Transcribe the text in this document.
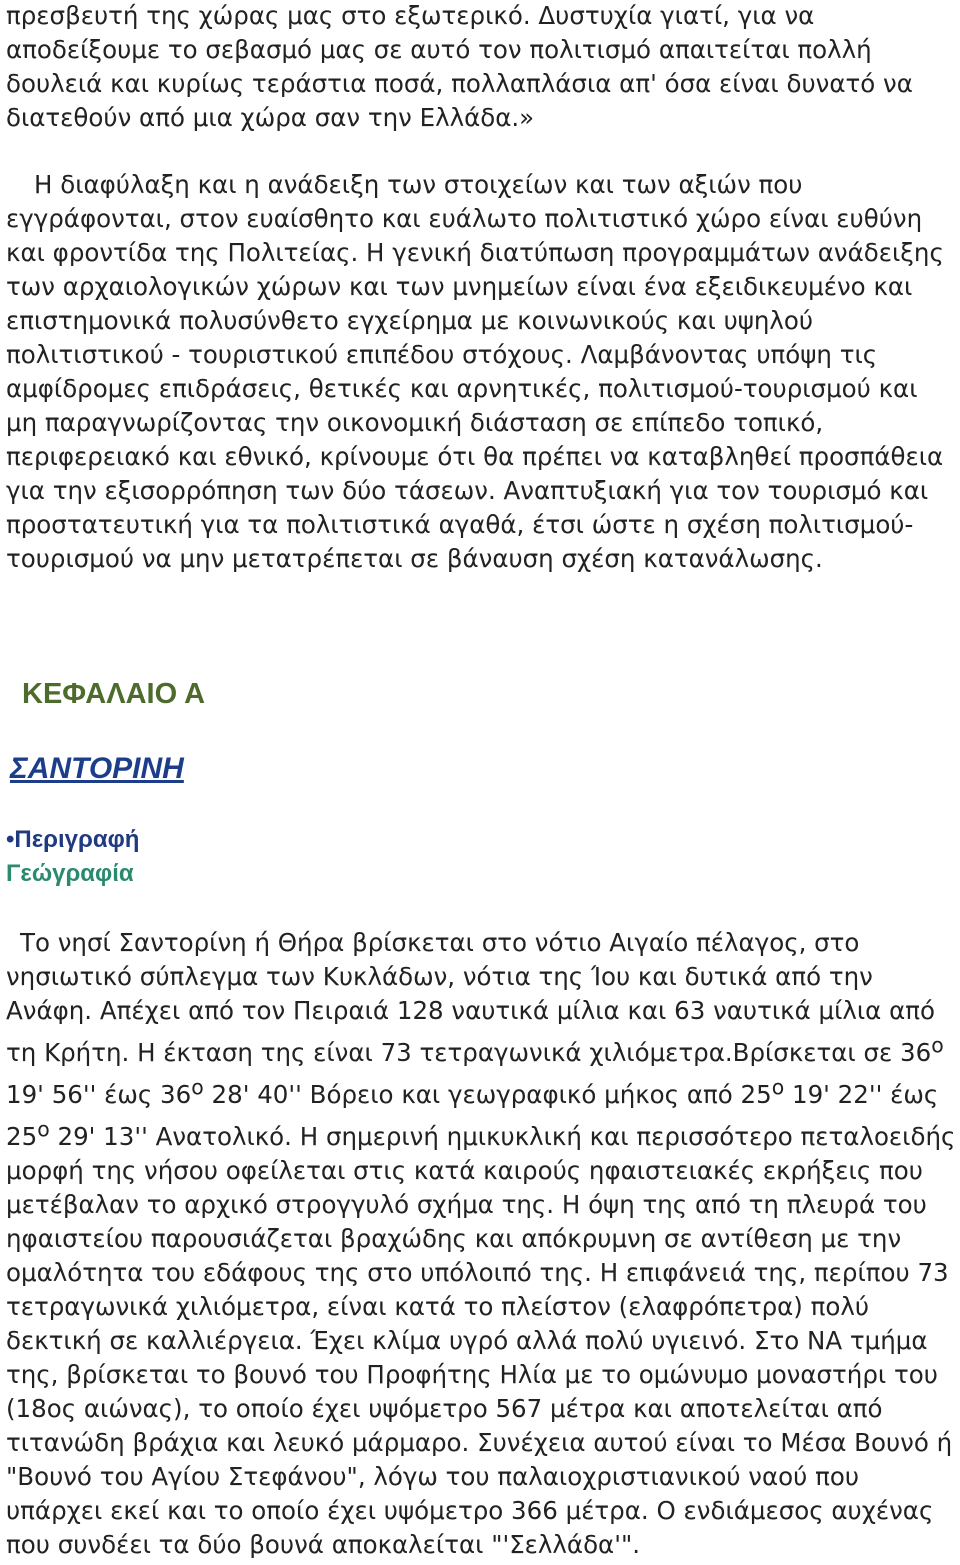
πρεσβευτή της χώρας μας στο εξωτερικό. Δυστυχία γιατί, για να αποδείξουμε το σεβασμό μας σε αυτό τον πολιτισμό απαιτείται πολλή δουλειά και κυρίως τεράστια ποσά, πολλαπλάσια απ' όσα είναι δυνατό να διατεθούν από μια χώρα σαν την Ελλάδα.»

Η διαφύλαξη και η ανάδειξη των στοιχείων και των αξιών που εγγράφονται, στον ευαίσθητο και ευάλωτο πολιτιστικό χώρο είναι ευθύνη και φροντίδα της Πολιτείας. Η γενική διατύπωση προγραμμάτων ανάδειξης των αρχαιολογικών χώρων και των μνημείων είναι ένα εξειδικευμένο και επιστημονικά πολυσύνθετο εγχείρημα με κοινωνικούς και υψηλού πολιτιστικού - τουριστικού επιπέδου στόχους. Λαμβάνοντας υπόψη τις αμφίδρομες επιδράσεις, θετικές και αρνητικές, πολιτισμού-τουρισμού και μη παραγνωρίζοντας την οικονομική διάσταση σε επίπεδο τοπικό, περιφερειακό και εθνικό, κρίνουμε ότι θα πρέπει να καταβληθεί προσπάθεια για την εξισορρόπηση των δύο τάσεων. Αναπτυξιακή για τον τουρισμό και προστατευτική για τα πολιτιστικά αγαθά, έτσι ώστε η σχέση πολιτισμού-τουρισμού να μην μετατρέπεται σε βάναυση σχέση κατανάλωσης.

ΚΕΦΑΛΑΙΟ Α
ΣΑΝΤΟΡΙΝΗ
•Περιγραφή
Γεώγραφία

Το νησί Σαντορίνη ή Θήρα βρίσκεται στο νότιο Αιγαίο πέλαγος, στο νησιωτικό σύπλεγμα των Κυκλάδων, νότια της Ίου και δυτικά από την Ανάφη. Απέχει από τον Πειραιά 128 ναυτικά μίλια και 63 ναυτικά μίλια από τη Κρήτη. Η έκταση της είναι 73 τετραγωνικά χιλιόμετρα.Βρίσκεται σε $36^o$ 19' 56'' έως $36^o$ 28' 40'' Βόρειο και γεωγραφικό μήκος από $25^o$ 19' 22'' έως $25^o$ 29' 13'' Ανατολικό. Η σημερινή ημικυκλική και περισσότερο πεταλοειδής μορφή της νήσου οφείλεται στις κατά καιρούς ηφαιστειακές εκρήξεις που μετέβαλαν το αρχικό στρογγυλό σχήμα της. Η όψη της από τη πλευρά του ηφαιστείου παρουσιάζεται βραχώδης και απόκρυμνη σε αντίθεση με την ομαλότητα του εδάφους της στο υπόλοιπό της. Η επιφάνειά της, περίπου 73 τετραγωνικά χιλιόμετρα, είναι κατά το πλείστον (ελαφρόπετρα) πολύ δεκτική σε καλλιέργεια. Έχει κλίμα υγρό αλλά πολύ υγιεινό. Στο ΝΑ τμήμα της, βρίσκεται το βουνό του Προφήτης Ηλία με το ομώνυμο μοναστήρι του (18ος αιώνας), το οποίο έχει υψόμετρο 567 μέτρα και αποτελείται από τιτανώδη βράχια και λευκό μάρμαρο. Συνέχεια αυτού είναι το Μέσα Βουνό ή "Βουνό του Αγίου Στεφάνου", λόγω του παλαιοχριστιανικού ναού που υπάρχει εκεί και το οποίο έχει υψόμετρο 366 μέτρα. Ο ενδιάμεσος αυχένας που συνδέει τα δύο βουνά αποκαλείται "'Σελλάδα'".
